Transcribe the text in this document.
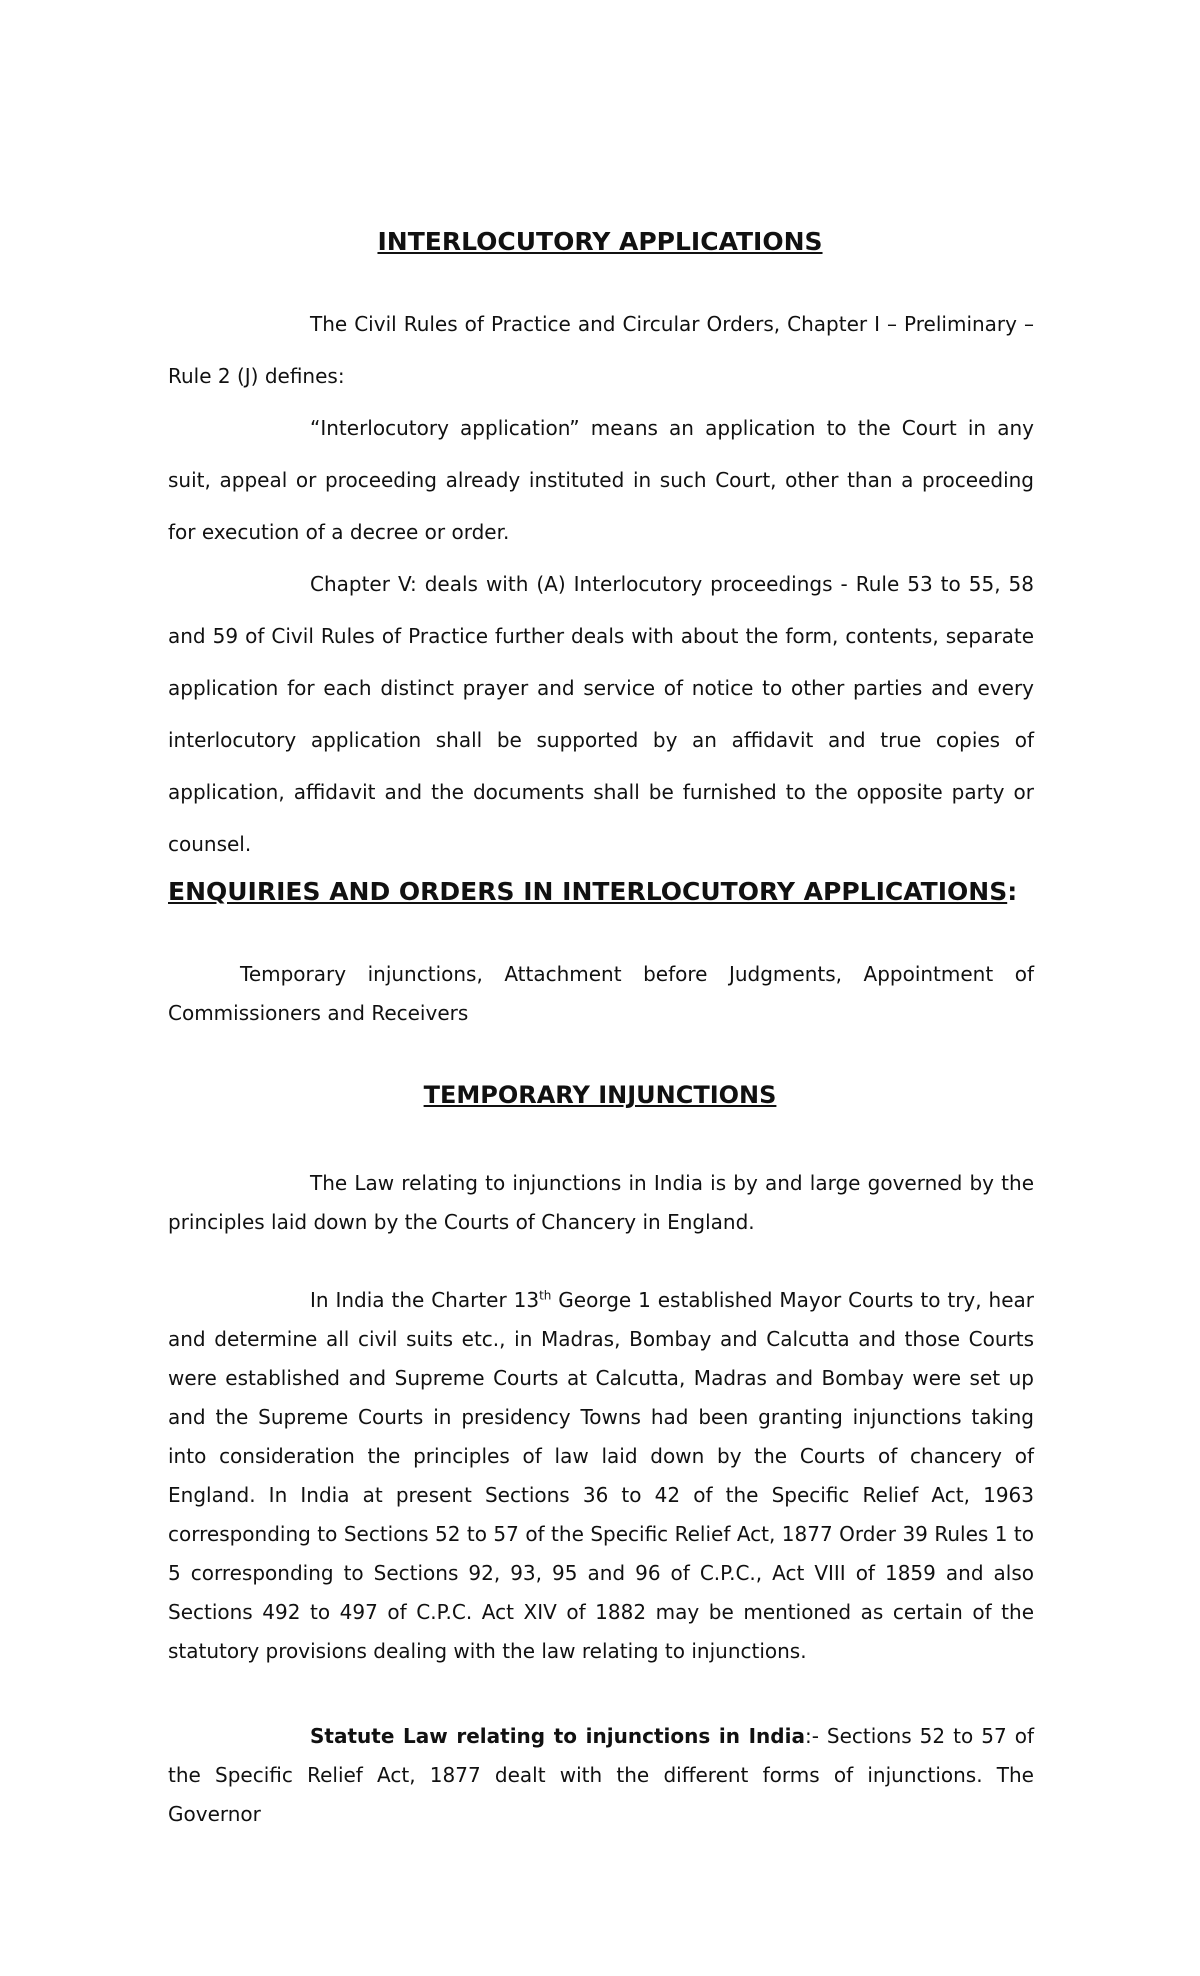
INTERLOCUTORY APPLICATIONS

The Civil Rules of Practice and Circular Orders, Chapter I – Preliminary – Rule 2 (J) defines:

“Interlocutory application” means an application to the Court in any suit, appeal or proceeding already instituted in such Court, other than a proceeding for execution of a decree or order.

Chapter V: deals with (A) Interlocutory proceedings - Rule 53 to 55, 58 and 59 of Civil Rules of Practice further deals with about the form, contents, separate application for each distinct prayer and service of notice to other parties and every interlocutory application shall be supported by an affidavit and true copies of application, affidavit and the documents shall be furnished to the opposite party or counsel.

ENQUIRIES AND ORDERS IN INTERLOCUTORY APPLICATIONS:

Temporary injunctions, Attachment before Judgments, Appointment of Commissioners and Receivers

TEMPORARY INJUNCTIONS

The Law relating to injunctions in India is by and large governed by the principles laid down by the Courts of Chancery in England.

In India the Charter 13th George 1 established Mayor Courts to try, hear and determine all civil suits etc., in Madras, Bombay and Calcutta and those Courts were established and Supreme Courts at Calcutta, Madras and Bombay were set up and the Supreme Courts in presidency Towns had been granting injunctions taking into consideration the principles of law laid down by the Courts of chancery of England. In India at present Sections 36 to 42 of the Specific Relief Act, 1963 corresponding to Sections 52 to 57 of the Specific Relief Act, 1877 Order 39 Rules 1 to 5 corresponding to Sections 92, 93, 95 and 96 of C.P.C., Act VIII of 1859 and also Sections 492 to 497 of C.P.C. Act XIV of 1882 may be mentioned as certain of the statutory provisions dealing with the law relating to injunctions.

Statute Law relating to injunctions in India:- Sections 52 to 57 of the Specific Relief Act, 1877 dealt with the different forms of injunctions. The Governor
